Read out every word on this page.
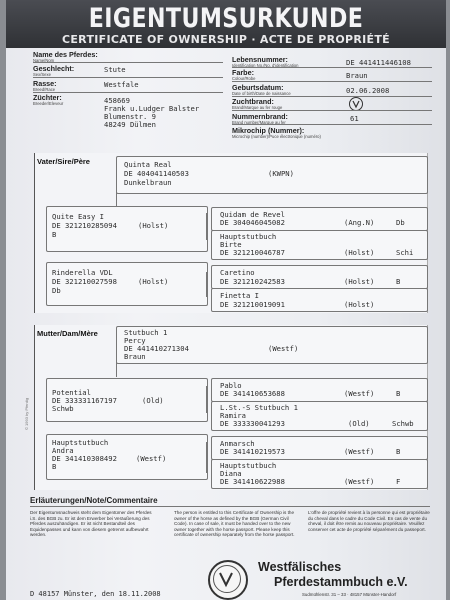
EIGENTUMSURKUNDE
CERTIFICATE OF OWNERSHIP · ACTE DE PROPRIÉTÉ
Name des Pferdes:
Name/Nom
Geschlecht:
Sex/Sexe
Stute
Rasse:
Breed/Race
Westfale
Züchter:
Breeder/Eleveur	458669
Frank u.Ludger Balster
Blumenstr. 9
48249 Dülmen
Lebensnummer:
Identification No./No. d'identification	DE 441411446108
Farbe:
Colour/Robe	Braun
Geburtsdatum:
Date of birth/Date de naissance	02.06.2008
Zuchtbrand:
Brand/Marque au fer rouge
Nummernbrand:
Brand number/Marque au fer	61
Mikrochip (Nummer):
Microchip (number)/Puce électronique (numéro)
Vater/Sire/Père	Quinta Real
DE 404041140503	(KWPN)
Dunkelbraun
Quite Easy I
DE 321210285094	(Holst)
B
Quidam de Revel
DE 304046045082	(Ang.N)	Db
Hauptstutbuch
Birte
DE 321210046787	(Holst)	Schi
Rinderella VDL
DE 321210027598	(Holst)
Db
Caretino
DE 321210242583	(Holst)	B
Finetta I
DE 321210019091	(Holst)
Mutter/Dam/Mère	Stutbuch 1
Percy
DE 441410271304	(Westf)
Braun
Potential
DE 333331167197	(Old)
Schwb
Pablo
DE 341410653688	(Westf)	B
L.St.-S Stutbuch 1
Ramira
DE 333330041293	(Old)	Schwb
Hauptstutbuch
Andra
DE 341410308492	(Westf)
B
Anmarsch
DE 341410219573	(Westf)	B
Hauptstutbuch
Diana
DE 341410622988	(Westf)	F
© 1993 by Pferdig
Erläuterungen/Note/Commentaire
Der Eigentumsnachweis steht dem Eigentümer des Pferdes i.S. des BGB zu. Er ist dem Erwerber bei Veräußerung des Pferdes auszuhändigen. Er ist nicht Bestandteil des Equidenpasses und kann von diesem getrennt aufbewahrt werden.
The person is entitled to this Certificate of Ownership is the owner of the horse as defined by the BGB (German Civil Code). In case of sale, it must be handed over to the new owner together with the horse passport. Please keep this certificate of ownership separately from the horse passport.
L'offre de propriété revient à la personne qui est propriétaire du cheval dans le cadre du Code Civil. En cas de vente du cheval, il doit être remis au nouveau propriétaire. Veuillez conserver cet acte de propriété séparément du passeport.
D 48157 Münster, den 18.11.2008
Westfälisches
Pferdestammbuch e.V.
Sudmühlenstr. 31 – 33 · 48157 Münster-Handorf
